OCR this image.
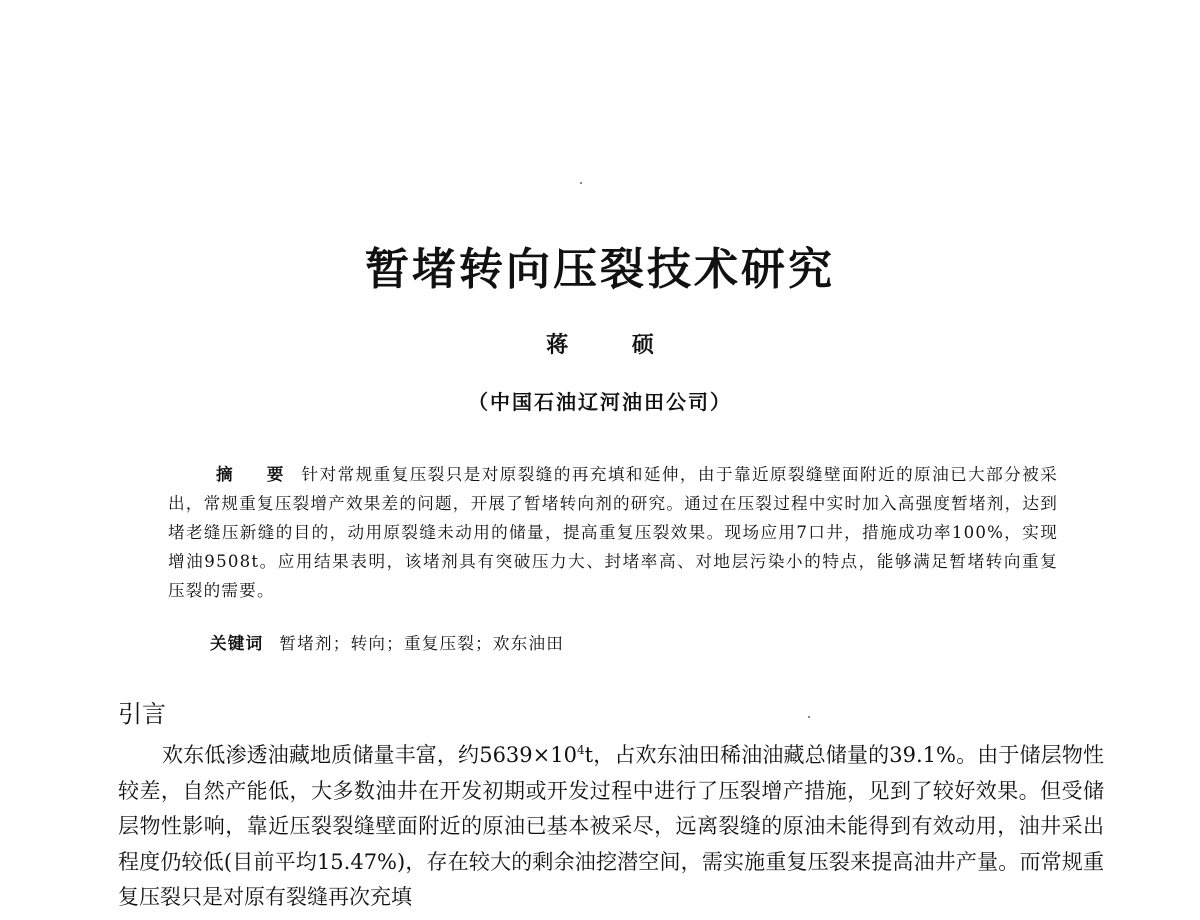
暂堵转向压裂技术研究
蒋 硕
（中国石油辽河油田公司）

摘 要 针对常规重复压裂只是对原裂缝的再充填和延伸，由于靠近原裂缝壁面附近的原油已大部分被采出，常规重复压裂增产效果差的问题，开展了暂堵转向剂的研究。通过在压裂过程中实时加入高强度暂堵剂，达到堵老缝压新缝的目的，动用原裂缝未动用的储量，提高重复压裂效果。现场应用7口井，措施成功率100%，实现增油9508t。应用结果表明，该堵剂具有突破压力大、封堵率高、对地层污染小的特点，能够满足暂堵转向重复压裂的需要。

关键词 暂堵剂；转向；重复压裂；欢东油田
引言

欢东低渗透油藏地质储量丰富，约$5639\times 10^4t$，占欢东油田稀油油藏总储量的39.1%。由于储层物性较差，自然产能低，大多数油井在开发初期或开发过程中进行了压裂增产措施，见到了较好效果。但受储层物性影响，靠近压裂裂缝壁面附近的原油已基本被采尽，远离裂缝的原油未能得到有效动用，油井采出程度仍较低(目前平均15.47%)，存在较大的剩余油挖潜空间，需实施重复压裂来提高油井产量。而常规重复压裂只是对原有裂缝再次充填
